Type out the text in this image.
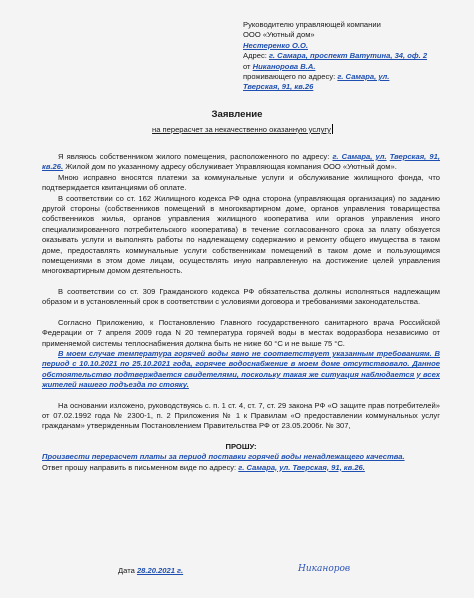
Руководителю управляющей компании
ООО «Уютный дом»
Нестеренко О.О.
Адрес: г. Самара, проспект Ватутина, 34, оф. 2
от Никанорова В.А.
проживающего по адресу: г. Самара, ул.
Тверская, 91, кв.26
Заявление
на перерасчет за некачественно оказанную услугу

Я являюсь собственником жилого помещения, расположенного по адресу: г. Самара, ул. Тверская, 91, кв.26. Жилой дом по указанному адресу обслуживает Управляющая компания ООО «Уютный дом».

Мною исправно вносятся платежи за коммунальные услуги и обслуживание жилищного фонда, что подтверждается квитанциями об оплате.

В соответствии со ст. 162 Жилищного кодекса РФ одна сторона (управляющая организация) по заданию другой стороны (собственников помещений в многоквартирном доме, органов управления товарищества собственников жилья, органов управления жилищного кооператива или органов управления иного специализированного потребительского кооператива) в течение согласованного срока за плату обязуется оказывать услуги и выполнять работы по надлежащему содержанию и ремонту общего имущества в таком доме, предоставлять коммунальные услуги собственникам помещений в таком доме и пользующимся помещениями в этом доме лицам, осуществлять иную направленную на достижение целей управления многоквартирным домом деятельность.

В соответствии со ст. 309 Гражданского кодекса РФ обязательства должны исполняться надлежащим образом и в установленный срок в соответствии с условиями договора и требованиями законодательства.

Согласно Приложению, к Постановлению Главного государственного санитарного врача Российской Федерации от 7 апреля 2009 года N 20 температура горячей воды в местах водоразбора независимо от применяемой системы теплоснабжения должна быть не ниже 60 °C и не выше 75 °C.

В моем случае температура горячей воды явно не соответствует указанным требованиям. В период с 10.10.2021 по 25.10.2021 года, горячее водоснабжение в моем доме отсутствовало. Данное обстоятельство подтверждается свидетелями, поскольку такая же ситуация наблюдается у всех жителей нашего подъезда по стояку.

На основании изложено, руководствуясь с. п. 1 ст. 4, ст. 7, ст. 29 закона РФ «О защите прав потребителей» от 07.02.1992 года № 2300-1, п. 2 Приложения № 1 к Правилам «О предоставлении коммунальных услуг гражданам» утвержденным Постановлением Правительства РФ от 23.05.2006г. № 307,

ПРОШУ:

Произвести перерасчет платы за период поставки горячей воды ненадлежащего качества.

Ответ прошу направить в письменном виде по адресу: г. Самара, ул. Тверская, 91, кв.26.

Дата 28.20.2021 г.	Никаноров
